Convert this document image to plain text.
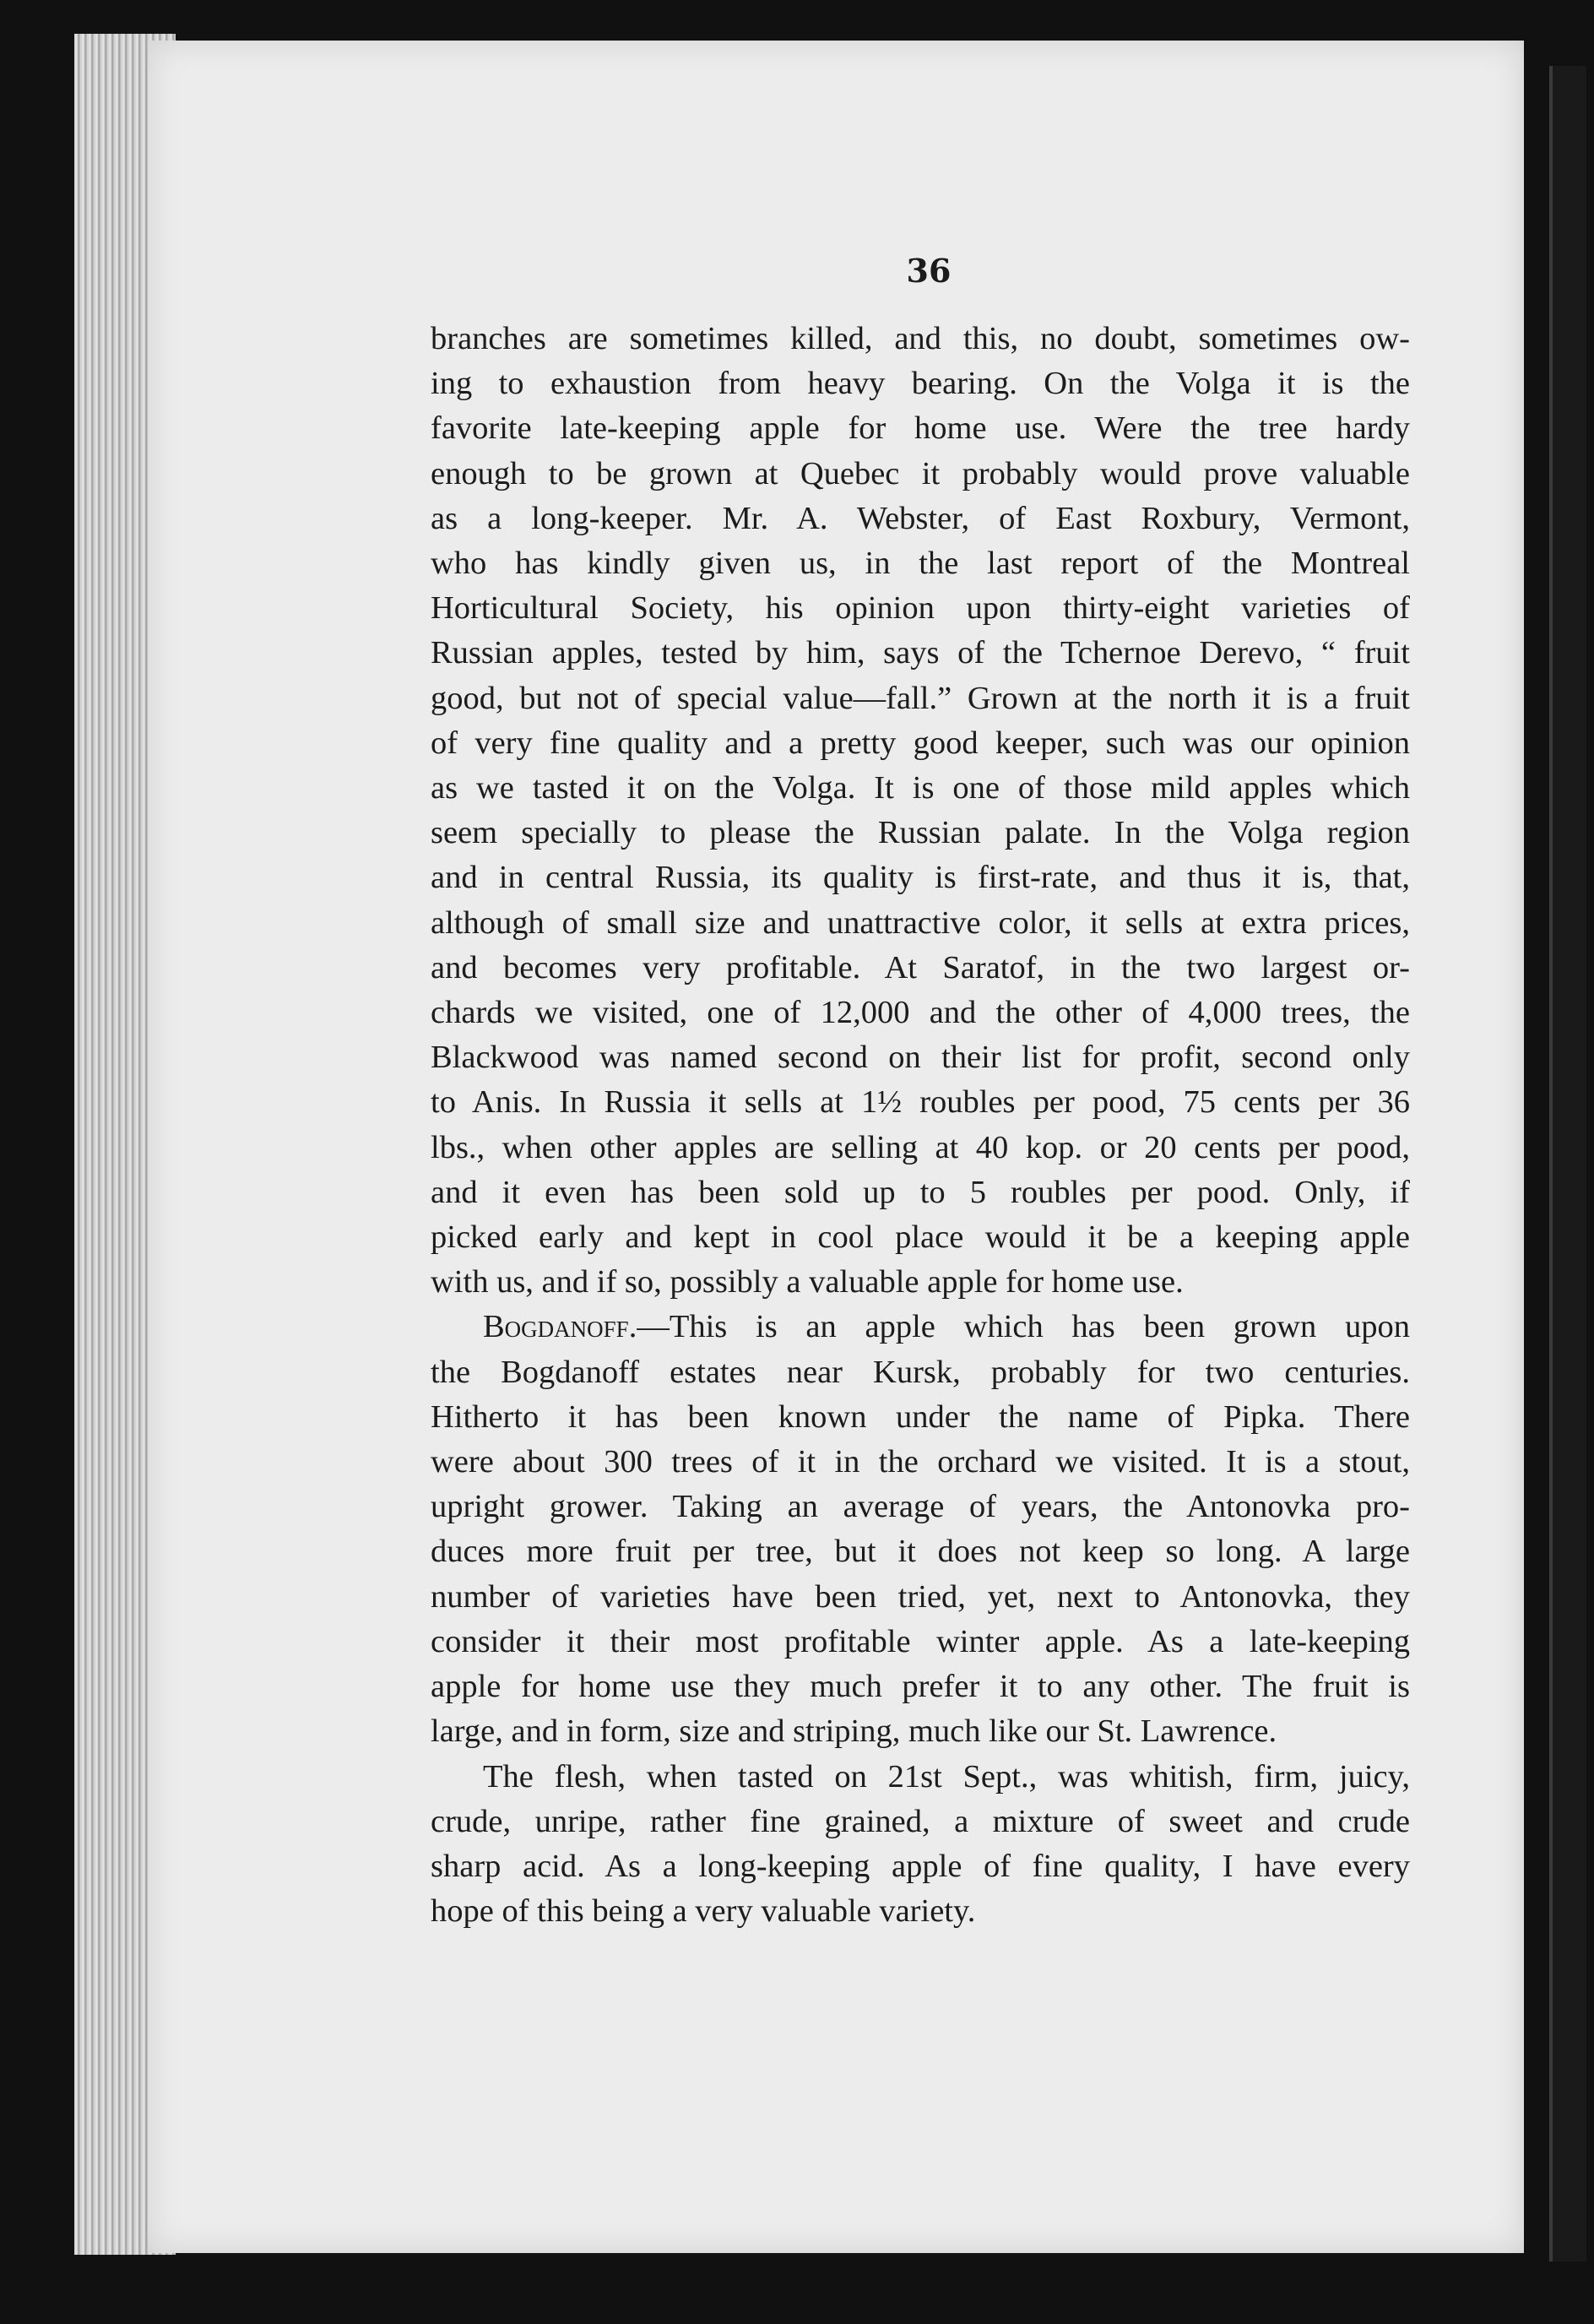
36
branches are sometimes killed, and this, no doubt, sometimes ow-
ing to exhaustion from heavy bearing. On the Volga it is the
favorite late-keeping apple for home use. Were the tree hardy
enough to be grown at Quebec it probably would prove valuable
as a long-keeper. Mr. A. Webster, of East Roxbury, Vermont,
who has kindly given us, in the last report of the Montreal
Horticultural Society, his opinion upon thirty-eight varieties of
Russian apples, tested by him, says of the Tchernoe Derevo, “ fruit
good, but not of special value—fall.” Grown at the north it is a fruit
of very fine quality and a pretty good keeper, such was our opinion
as we tasted it on the Volga. It is one of those mild apples which
seem specially to please the Russian palate. In the Volga region
and in central Russia, its quality is first-rate, and thus it is, that,
although of small size and unattractive color, it sells at extra prices,
and becomes very profitable. At Saratof, in the two largest or-
chards we visited, one of 12,000 and the other of 4,000 trees, the
Blackwood was named second on their list for profit, second only
to Anis. In Russia it sells at 1½ roubles per pood, 75 cents per 36
lbs., when other apples are selling at 40 kop. or 20 cents per pood,
and it even has been sold up to 5 roubles per pood. Only, if
picked early and kept in cool place would it be a keeping apple
with us, and if so, possibly a valuable apple for home use.
Bogdanoff.—This is an apple which has been grown upon
the Bogdanoff estates near Kursk, probably for two centuries.
Hitherto it has been known under the name of Pipka. There
were about 300 trees of it in the orchard we visited. It is a stout,
upright grower. Taking an average of years, the Antonovka pro-
duces more fruit per tree, but it does not keep so long. A large
number of varieties have been tried, yet, next to Antonovka, they
consider it their most profitable winter apple. As a late-keeping
apple for home use they much prefer it to any other. The fruit is
large, and in form, size and striping, much like our St. Lawrence.
The flesh, when tasted on 21st Sept., was whitish, firm, juicy,
crude, unripe, rather fine grained, a mixture of sweet and crude
sharp acid. As a long-keeping apple of fine quality, I have every
hope of this being a very valuable variety.
